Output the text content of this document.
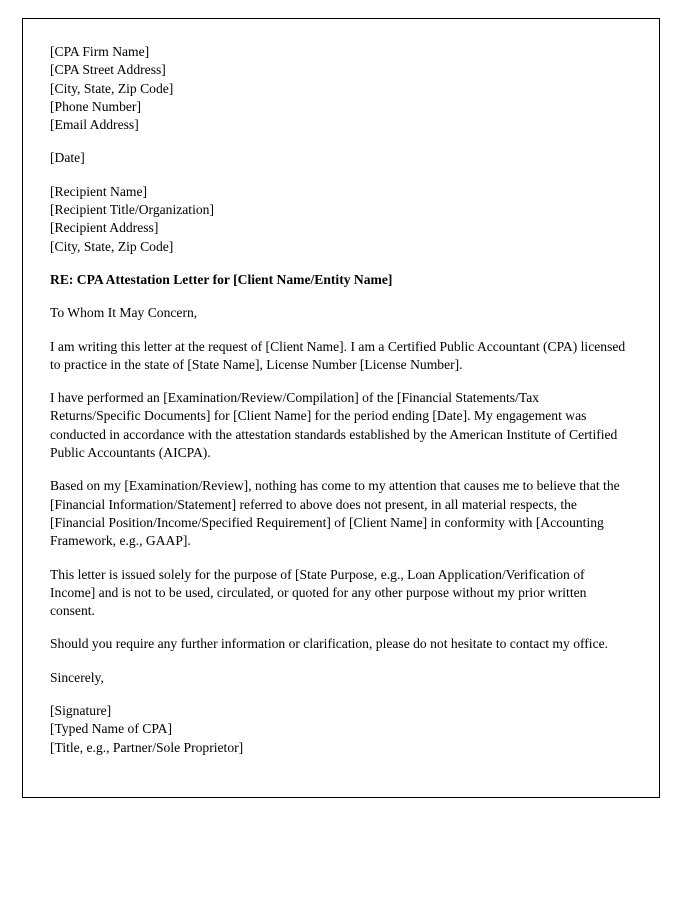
[CPA Firm Name]
[CPA Street Address]
[City, State, Zip Code]
[Phone Number]
[Email Address]
[Date]
[Recipient Name]
[Recipient Title/Organization]
[Recipient Address]
[City, State, Zip Code]
RE: CPA Attestation Letter for [Client Name/Entity Name]
To Whom It May Concern,

I am writing this letter at the request of [Client Name]. I am a Certified Public Accountant (CPA) licensed to practice in the state of [State Name], License Number [License Number].

I have performed an [Examination/Review/Compilation] of the [Financial Statements/Tax Returns/Specific Documents] for [Client Name] for the period ending [Date]. My engagement was conducted in accordance with the attestation standards established by the American Institute of Certified Public Accountants (AICPA).

Based on my [Examination/Review], nothing has come to my attention that causes me to believe that the [Financial Information/Statement] referred to above does not present, in all material respects, the [Financial Position/Income/Specified Requirement] of [Client Name] in conformity with [Accounting Framework, e.g., GAAP].

This letter is issued solely for the purpose of [State Purpose, e.g., Loan Application/Verification of Income] and is not to be used, circulated, or quoted for any other purpose without my prior written consent.

Should you require any further information or clarification, please do not hesitate to contact my office.

Sincerely,
[Signature]
[Typed Name of CPA]
[Title, e.g., Partner/Sole Proprietor]
